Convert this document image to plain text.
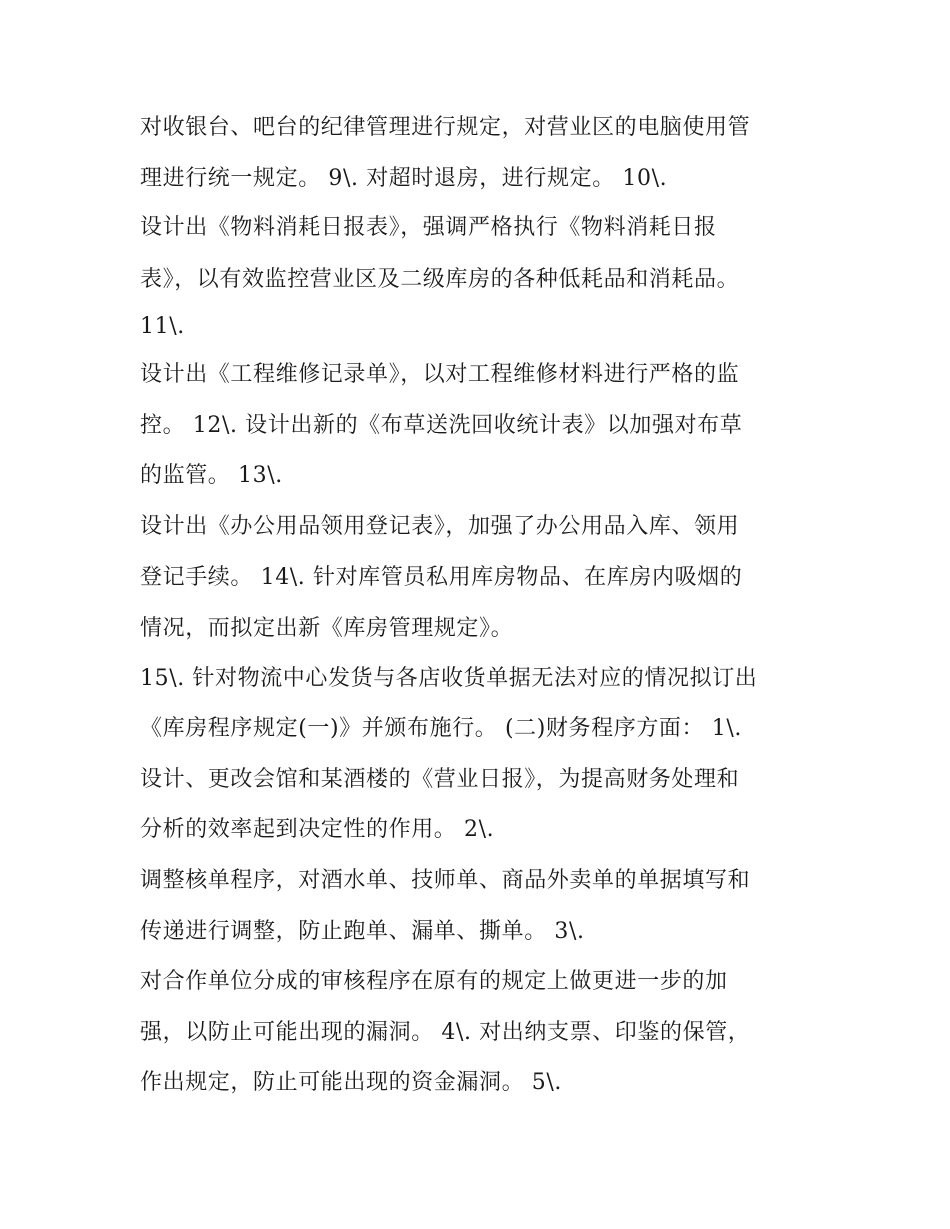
对收银台、吧台的纪律管理进行规定，对营业区的电脑使用管
理进行统一规定。 9\. 对超时退房，进行规定。 10\.
设计出《物料消耗日报表》，强调严格执行《物料消耗日报
表》，以有效监控营业区及二级库房的各种低耗品和消耗品。
11\.
设计出《工程维修记录单》，以对工程维修材料进行严格的监
控。 12\. 设计出新的《布草送洗回收统计表》以加强对布草
的监管。 13\.
设计出《办公用品领用登记表》，加强了办公用品入库、领用
登记手续。 14\. 针对库管员私用库房物品、在库房内吸烟的
情况，而拟定出新《库房管理规定》。
15\. 针对物流中心发货与各店收货单据无法对应的情况拟订出
《库房程序规定(一)》并颁布施行。 (二)财务程序方面： 1\.
设计、更改会馆和某酒楼的《营业日报》，为提高财务处理和
分析的效率起到决定性的作用。 2\.
调整核单程序，对酒水单、技师单、商品外卖单的单据填写和
传递进行调整，防止跑单、漏单、撕单。 3\.
对合作单位分成的审核程序在原有的规定上做更进一步的加
强，以防止可能出现的漏洞。 4\. 对出纳支票、印鉴的保管，
作出规定，防止可能出现的资金漏洞。 5\.
